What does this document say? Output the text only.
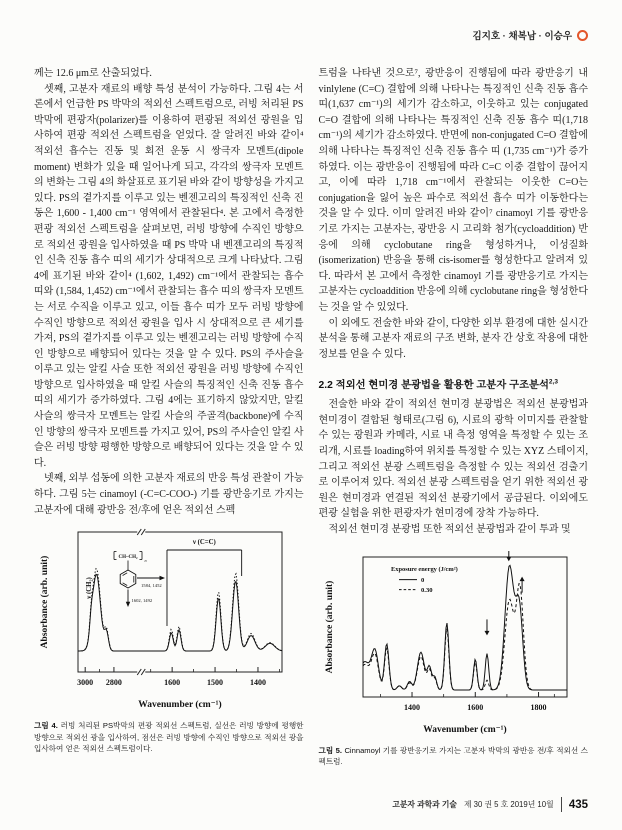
김지호 · 채복남 · 이승우

께는 12.6 μm로 산출되었다.

셋째, 고분자 재료의 배향 특성 분석이 가능하다. 그림 4는 서론에서 언급한 PS 박막의 적외선 스펙트럼으로, 러빙 처리된 PS 박막에 편광자(polarizer)를 이용하여 편광된 적외선 광원을 입사하여 편광 적외선 스펙트럼을 얻었다. 잘 알려진 바와 같이⁴ 적외선 흡수는 진동 및 회전 운동 시 쌍극자 모멘트(dipole moment) 변화가 있을 때 일어나게 되고, 각각의 쌍극자 모멘트의 변화는 그림 4의 화살표로 표기된 바와 같이 방향성을 가지고 있다. PS의 곁가지를 이루고 있는 벤젠고리의 특징적인 신축 진동은 1,600 - 1,400 cm⁻¹ 영역에서 관찰된다⁴. 본 고에서 측정한 편광 적외선 스펙트럼을 살펴보면, 러빙 방향에 수직인 방향으로 적외선 광원을 입사하였을 때 PS 박막 내 벤젠고리의 특징적인 신축 진동 흡수 띠의 세기가 상대적으로 크게 나타났다. 그림 4에 표기된 바와 같이⁴ (1,602, 1,492) cm⁻¹에서 관찰되는 흡수 띠와 (1,584, 1,452) cm⁻¹에서 관찰되는 흡수 띠의 쌍극자 모멘트는 서로 수직을 이루고 있고, 이들 흡수 띠가 모두 러빙 방향에 수직인 방향으로 적외선 광원을 입사 시 상대적으로 큰 세기를 가져, PS의 곁가지를 이루고 있는 벤젠고리는 러빙 방향에 수직인 방향으로 배향되어 있다는 것을 알 수 있다. PS의 주사슬을 이루고 있는 알킬 사슬 또한 적외선 광원을 러빙 방향에 수직인 방향으로 입사하였을 때 알킬 사슬의 특징적인 신축 진동 흡수 띠의 세기가 증가하였다. 그림 4에는 표기하지 않았지만, 알킬 사슬의 쌍극자 모멘트는 알킬 사슬의 주골격(backbone)에 수직인 방향의 쌍극자 모멘트를 가지고 있어, PS의 주사슬인 알킬 사슬은 러빙 방향 평행한 방향으로 배향되어 있다는 것을 알 수 있다.

넷째, 외부 섭동에 의한 고분자 재료의 반응 특성 관찰이 가능하다. 그림 5는 cinamoyl (-C=C-COO-) 기를 광반응기로 가지는 고분자에 대해 광반응 전/후에 얻은 적외선 스펙

3000 2800	1600	1500	1400
Wavenumber (cm⁻¹)
Absorbance (arb. unit)	ν (CH₂)
CH–CH₂
n
1584, 1452
1602, 1492
ν (C=C)
그림 4. 러빙 처리된 PS박막의 편광 적외선 스펙트럼, 실선은 러빙 방향에 평행한 방향으로 적외선 광을 입사하여, 점선은 러빙 방향에 수직인 방향으로 적외선 광을 입사하여 얻은 적외선 스펙트럼이다.

트럼을 나타낸 것으로⁷, 광반응이 진행됨에 따라 광반응기 내 vinlylene (C=C) 결합에 의해 나타나는 특징적인 신축 진동 흡수 띠(1,637 cm⁻¹)의 세기가 감소하고, 이웃하고 있는 conjugated C=O 결합에 의해 나타나는 특징적인 신축 진동 흡수 띠(1,718 cm⁻¹)의 세기가 감소하였다. 반면에 non-conjugated C=O 결합에 의해 나타나는 특징적인 신축 진동 흡수 띠 (1,735 cm⁻¹)가 증가하였다. 이는 광반응이 진행됨에 따라 C=C 이중 결합이 끊어지고, 이에 따라 1,718 cm⁻¹에서 관찰되는 이웃한 C=O는 conjugation을 잃어 높은 파수로 적외선 흡수 띠가 이동한다는 것을 알 수 있다. 이미 알려진 바와 같이⁷ cinamoyl 기를 광반응기로 가지는 고분자는, 광반응 시 고리화 첨가(cycloaddition) 반응에 의해 cyclobutane ring을 형성하거나, 이성질화(isomerization) 반응을 통해 cis-isomer를 형성한다고 알려져 있다. 따라서 본 고에서 측정한 cinamoyl 기를 광반응기로 가지는 고분자는 cycloaddition 반응에 의해 cyclobutane ring을 형성한다는 것을 알 수 있었다.

이 외에도 전술한 바와 같이, 다양한 외부 환경에 대한 실시간 분석을 통해 고분자 재료의 구조 변화, 분자 간 상호 작용에 대한 정보를 얻을 수 있다.

2.2 적외선 현미경 분광법을 활용한 고분자 구조분석$^{2,3}$

전술한 바와 같이 적외선 현미경 분광법은 적외선 분광법과 현미경이 결합된 형태로(그림 6), 시료의 광학 이미지를 관찰할 수 있는 광원과 카메라, 시료 내 측정 영역을 특정할 수 있는 조리개, 시료를 loading하여 위치를 특정할 수 있는 XYZ 스테이지, 그리고 적외선 분광 스펙트럼을 측정할 수 있는 적외선 검출기로 이루어져 있다. 적외선 분광 스펙트럼을 얻기 위한 적외선 광원은 현미경과 연결된 적외선 분광기에서 공급된다. 이외에도 편광 실험을 위한 편광자가 현미경에 장착 가능하다.

적외선 현미경 분광법 또한 적외선 분광법과 같이 투과 및

1400	1600	1800
Wavenumber (cm⁻¹)
Absorbance (arb. unit)
Exposure energy (J/cm²)
0
0.30
그림 5. Cinnamoyl 기를 광반응기로 가지는 고분자 박막의 광반응 전/후 적외선 스펙트럼.
고분자 과학과 기술 제 30 권 5 호 2019년 10월 435
